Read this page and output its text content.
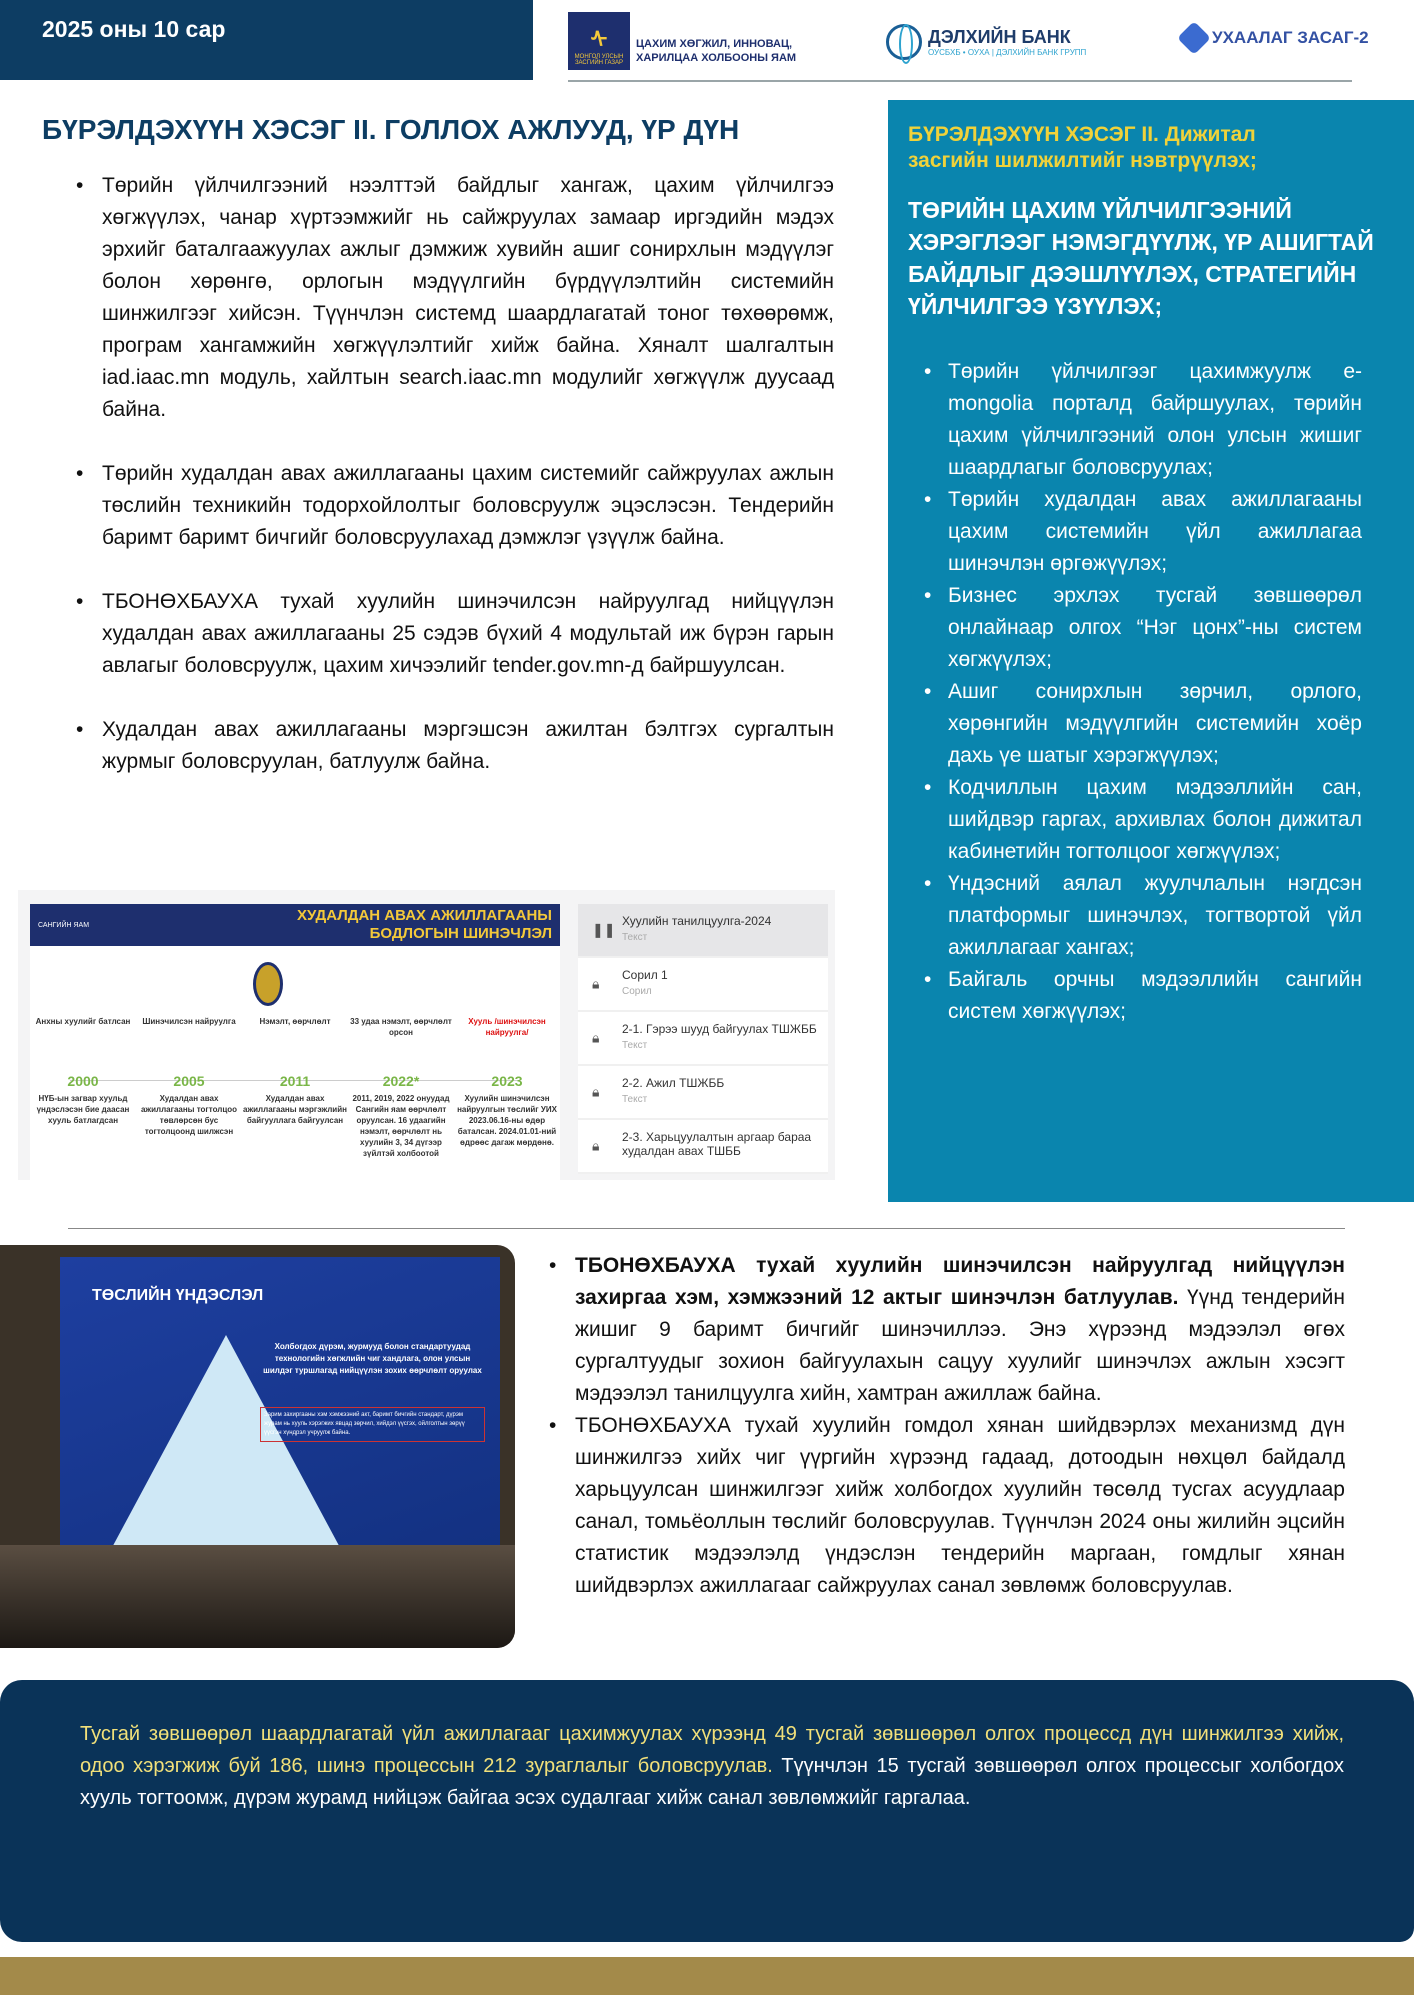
2025 оны 10 сар	ᠰ
МОНГОЛ УЛСЫН ЗАСГИЙН ГАЗАР
ЦАХИМ ХӨГЖИЛ, ИННОВАЦ,
ХАРИЛЦАА ХОЛБООНЫ ЯАМ
ДЭЛХИЙН БАНК
ОУСБХБ • ОУХА | ДЭЛХИЙН БАНК ГРУПП
УХААЛАГ ЗАСАГ-2
БҮРЭЛДЭХҮҮН ХЭСЭГ II. ГОЛЛОХ АЖЛУУД, ҮР ДҮН
• Төрийн үйлчилгээний нээлттэй байдлыг хангаж, цахим үйлчилгээ хөгжүүлэх, чанар хүртээмжийг нь сайжруулах замаар иргэдийн мэдэх эрхийг баталгаажуулах ажлыг дэмжиж хувийн ашиг сонирхлын мэдүүлэг болон хөрөнгө, орлогын мэдүүлгийн бүрдүүлэлтийн системийн шинжилгээг хийсэн. Түүнчлэн системд шаардлагатай тоног төхөөрөмж, програм хангамжийн хөгжүүлэлтийг хийж байна. Хяналт шалгалтын iad.iaac.mn модуль, хайлтын search.iaac.mn модулийг хөгжүүлж дуусаад байна.
• Төрийн худалдан авах ажиллагааны цахим системийг сайжруулах ажлын төслийн техникийн тодорхойлолтыг боловсруулж эцэслэсэн. Тендерийн баримт баримт бичгийг боловсруулахад дэмжлэг үзүүлж байна.
• ТБОНӨХБАУХА тухай хуулийн шинэчилсэн найруулгад нийцүүлэн худалдан авах ажиллагааны 25 сэдэв бүхий 4 модультай иж бүрэн гарын авлагыг боловсруулж, цахим хичээлийг tender.gov.mn-д байршуулсан.
• Худалдан авах ажиллагааны мэргэшсэн ажилтан бэлтгэх сургалтын журмыг боловсруулан, батлуулж байна.
САНГИЙН ЯАМ
ХУДАЛДАН АВАХ АЖИЛЛАГААНЫ БОДЛОГЫН ШИНЭЧЛЭЛ
Анхны хуулийг батлсан
2000
НҮБ-ын загвар хуульд үндэслэсэн бие даасан хууль батлагдсан
Шинэчилсэн найруулга
2005
Худалдан авах ажиллагааны тогтолцоо төвлөрсөн бус тогтолцоонд шилжсэн
Нэмэлт, өөрчлөлт
2011
Худалдан авах ажиллагааны мэргэжлийн байгууллага байгуулсан
33 удаа нэмэлт, өөрчлөлт орсон
2022*
2011, 2019, 2022 онуудад Сангийн яам өөрчлөлт оруулсан. 16 удаагийн нэмэлт, өөрчлөлт нь хуулийн 3, 34 дүгээр зүйлтэй холбоотой
Хууль /шинэчилсэн найруулга/
2023
Хуулийн шинэчилсэн найруулгын төслийг УИХ 2023.06.16-ны өдөр баталсан. 2024.01.01-ний өдрөөс дагаж мөрдөнө.
❚❚
Хуулийн танилцуулга-2024
Текст
🔒︎
Сорил 1
Сорил
🔒︎
2-1. Гэрээ шууд байгуулах ТШЖББ
Текст
🔒︎
2-2. Ажил ТШЖББ
Текст
🔒︎
2-3. Харьцуулалтын аргаар бараа худалдан авах ТШББ
БҮРЭЛДЭХҮҮН ХЭСЭГ II. Дижитал засгийн шилжилтийг нэвтрүүлэх;
ТӨРИЙН ЦАХИМ ҮЙЛЧИЛГЭЭНИЙ ХЭРЭГЛЭЭГ НЭМЭГДҮҮЛЖ, ҮР АШИГТАЙ БАЙДЛЫГ ДЭЭШЛҮҮЛЭХ, СТРАТЕГИЙН ҮЙЛЧИЛГЭЭ ҮЗҮҮЛЭХ;
• Төрийн үйлчилгээг цахимжуулж e-mongolia порталд байршуулах, төрийн цахим үйлчилгээний олон улсын жишиг шаардлагыг боловсруулах;
• Төрийн худалдан авах ажиллагааны цахим системийн үйл ажиллагаа шинэчлэн өргөжүүлэх;
• Бизнес эрхлэх тусгай зөвшөөрөл онлайнаар олгох “Нэг цонх”-ны систем хөгжүүлэх;
• Ашиг сонирхлын зөрчил, орлого, хөрөнгийн мэдүүлгийн системийн хоёр дахь үе шатыг хэрэгжүүлэх;
• Кодчиллын цахим мэдээллийн сан, шийдвэр гаргах, архивлах болон дижитал кабинетийн тогтолцоог хөгжүүлэх;
• Үндэсний аялал жуулчлалын нэгдсэн платформыг шинэчлэх, тогтвортой үйл ажиллагааг хангах;
• Байгаль орчны мэдээллийн сангийн систем хөгжүүлэх;
ТӨСЛИЙН ҮНДЭСЛЭЛ
Холбогдох дүрэм, журмууд болон стандартуудад технологийн хөгжлийн чиг хандлага, олон улсын шилдэг туршлагад нийцүүлэн зохих өөрчлөлт оруулах
Зарим захиргааны хэм хэмжээний акт, баримт бичгийн стандарт, дүрэм журам нь хууль хэрэгжих явцад зөрчил, хийдэл үүсгэх, ойлголтын зөрүү үүсгэн хүндрэл учруулж байна.
• ТБОНӨХБАУХА тухай хуулийн шинэчилсэн найруулгад нийцүүлэн захиргаа хэм, хэмжээний 12 актыг шинэчлэн батлуулав. Үүнд тендерийн жишиг 9 баримт бичгийг шинэчиллээ. Энэ хүрээнд мэдээлэл өгөх сургалтуудыг зохион байгуулахын сацуу хуулийг шинэчлэх ажлын хэсэгт мэдээлэл танилцуулга хийн, хамтран ажиллаж байна.
• ТБОНӨХБАУХА тухай хуулийн гомдол хянан шийдвэрлэх механизмд дүн шинжилгээ хийх чиг үүргийн хүрээнд гадаад, дотоодын нөхцөл байдалд харьцуулсан шинжилгээг хийж холбогдох хуулийн төсөлд тусгах асуудлаар санал, томьёоллын төслийг боловсруулав. Түүнчлэн 2024 оны жилийн эцсийн статистик мэдээлэлд үндэслэн тендерийн маргаан, гомдлыг хянан шийдвэрлэх ажиллагааг сайжруулах санал зөвлөмж боловсруулав.

Тусгай зөвшөөрөл шаардлагатай үйл ажиллагааг цахимжуулах хүрээнд 49 тусгай зөвшөөрөл олгох процессд дүн шинжилгээ хийж, одоо хэрэгжиж буй 186, шинэ процессын 212 зураглалыг боловсруулав. Түүнчлэн 15 тусгай зөвшөөрөл олгох процессыг холбогдох хууль тогтоомж, дүрэм журамд нийцэж байгаа эсэх судалгааг хийж санал зөвлөмжийг гаргалаа.
